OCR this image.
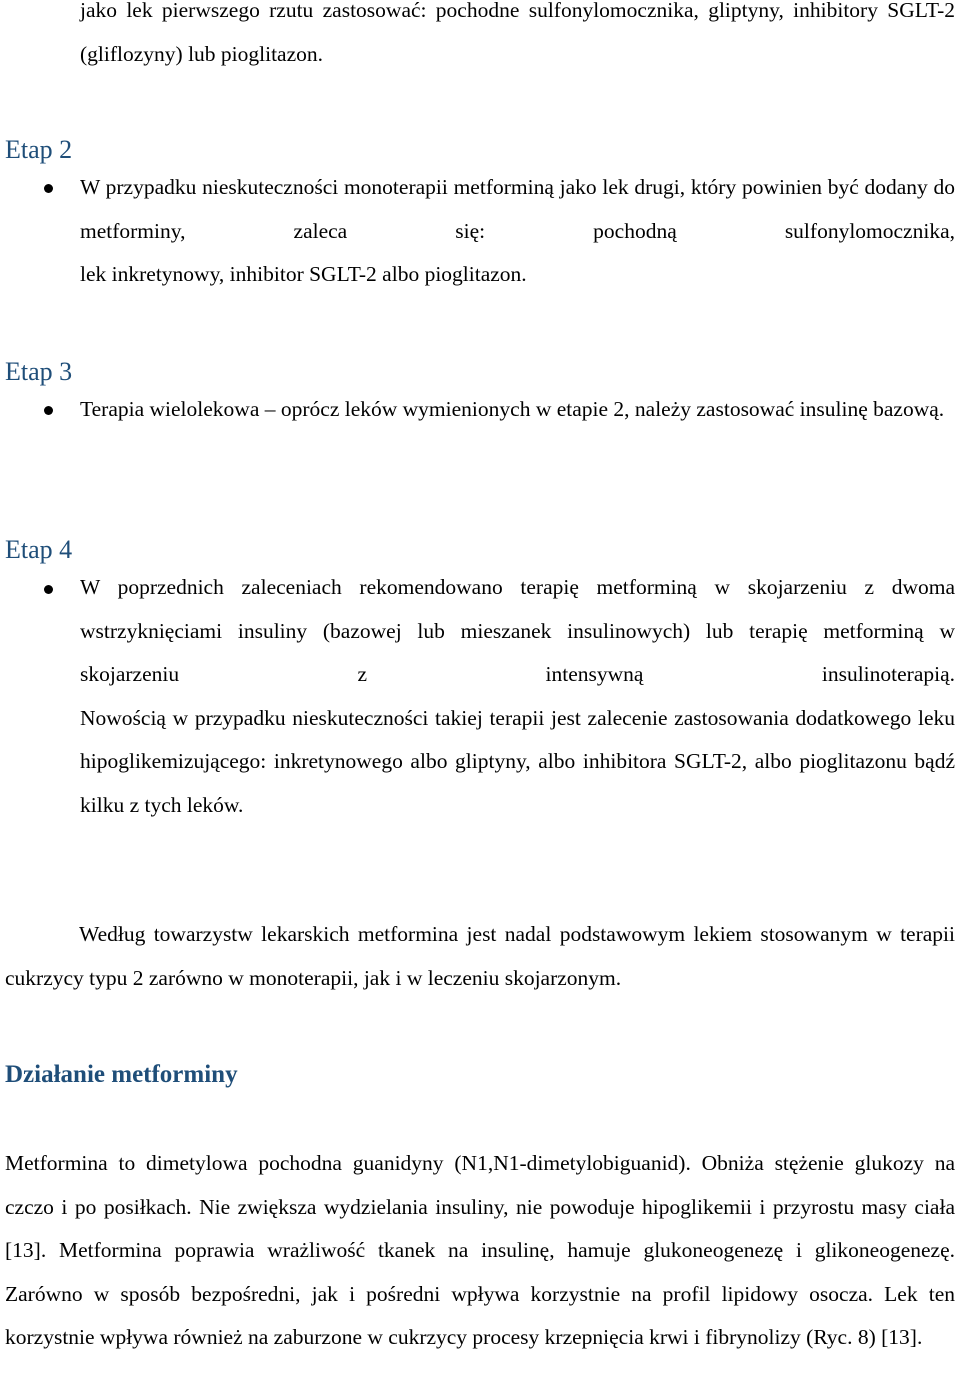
jako lek pierwszego rzutu zastosować: pochodne sulfonylomocznika, gliptyny, inhibitory SGLT-2 (gliflozyny) lub pioglitazon.
Etap 2
W przypadku nieskuteczności monoterapii metforminą jako lek drugi, który powinien być dodany do metforminy, zaleca się: pochodną sulfonylomocznika,
lek inkretynowy, inhibitor SGLT-2 albo pioglitazon.
Etap 3
Terapia wielolekowa – oprócz leków wymienionych w etapie 2, należy zastosować insulinę bazową.
Etap 4
W poprzednich zaleceniach rekomendowano terapię metforminą w skojarzeniu z dwoma wstrzyknięciami insuliny (bazowej lub mieszanek insulinowych) lub terapię metforminą w skojarzeniu z intensywną insulinoterapią.
Nowością w przypadku nieskuteczności takiej terapii jest zalecenie zastosowania dodatkowego leku hipoglikemizującego: inkretynowego albo gliptyny, albo inhibitora SGLT-2, albo pioglitazonu bądź kilku z tych leków.
Według towarzystw lekarskich metformina jest nadal podstawowym lekiem stosowanym w terapii cukrzycy typu 2 zarówno w monoterapii, jak i w leczeniu skojarzonym.
Działanie metforminy
Metformina to dimetylowa pochodna guanidyny (N1,N1-dimetylobiguanid). Obniża stężenie glukozy na czczo i po posiłkach. Nie zwiększa wydzielania insuliny, nie powoduje hipoglikemii i przyrostu masy ciała [13]. Metformina poprawia wrażliwość tkanek na insulinę, hamuje glukoneogenezę i glikoneogenezę. Zarówno w sposób bezpośredni, jak i pośredni wpływa korzystnie na profil lipidowy osocza. Lek ten korzystnie wpływa również na zaburzone w cukrzycy procesy krzepnięcia krwi i fibrynolizy (Ryc. 8) [13].
